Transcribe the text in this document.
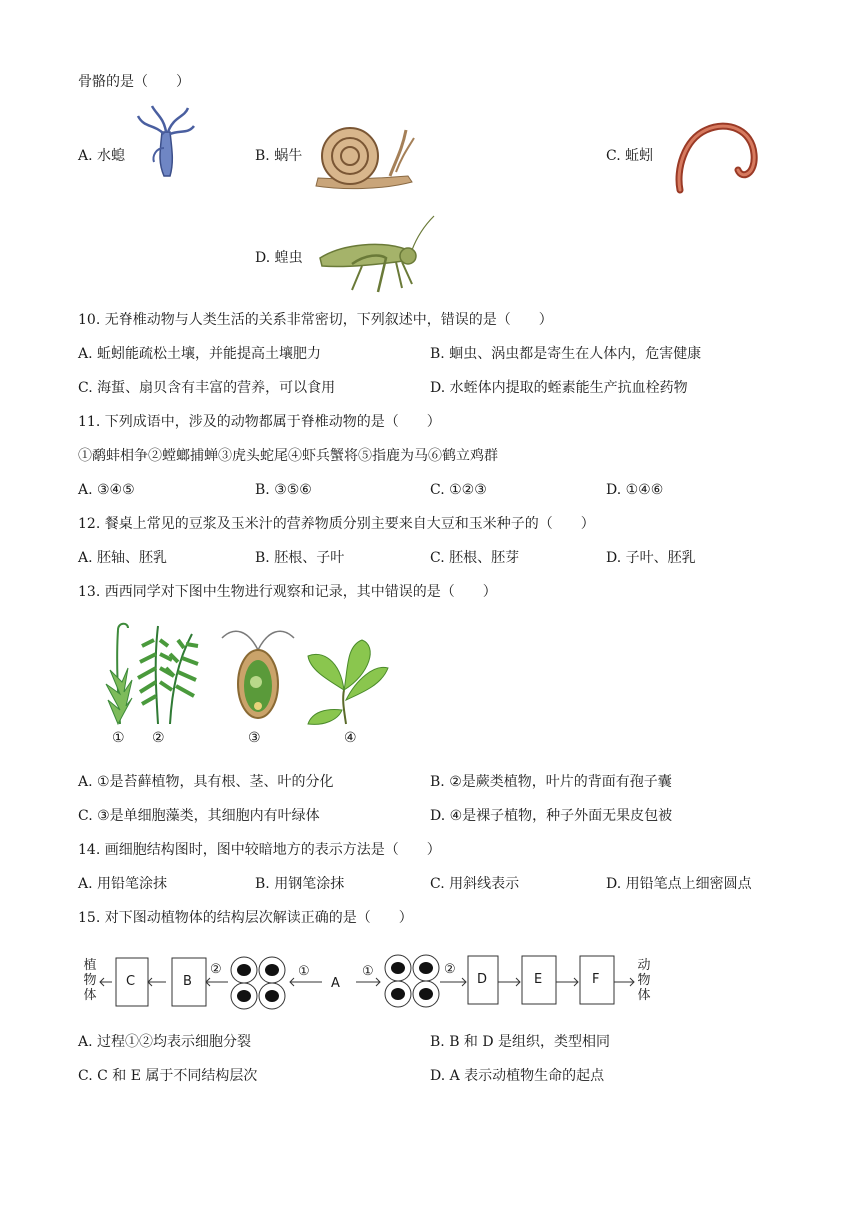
骨骼的是（　　）
A. 水螅	B. 蜗牛	C. 蚯蚓
D. 蝗虫
10. 无脊椎动物与人类生活的关系非常密切，下列叙述中，错误的是（　　）
A. 蚯蚓能疏松土壤，并能提高土壤肥力	B. 蛔虫、涡虫都是寄生在人体内，危害健康
C. 海蜇、扇贝含有丰富的营养，可以食用	D. 水蛭体内提取的蛭素能生产抗血栓药物
11. 下列成语中，涉及的动物都属于脊椎动物的是（　　）
①鹬蚌相争②螳螂捕蝉③虎头蛇尾④虾兵蟹将⑤指鹿为马⑥鹤立鸡群
A. ③④⑤	B. ③⑤⑥	C. ①②③	D. ①④⑥
12. 餐桌上常见的豆浆及玉米汁的营养物质分别主要来自大豆和玉米种子的（　　）
A. 胚轴、胚乳	B. 胚根、子叶	C. 胚根、胚芽	D. 子叶、胚乳
13. 西西同学对下图中生物进行观察和记录，其中错误的是（　　）
① ②	③	④
A. ①是苔藓植物，具有根、茎、叶的分化	B. ②是蕨类植物，叶片的背面有孢子囊
C. ③是单细胞藻类，其细胞内有叶绿体	D. ④是裸子植物，种子外面无果皮包被
14. 画细胞结构图时，图中较暗地方的表示方法是（　　）
A. 用铅笔涂抹	B. 用钢笔涂抹	C. 用斜线表示	D. 用铅笔点上细密圆点
15. 对下图动植物体的结构层次解读正确的是（　　）
植物体
C	B
②	①
A
①	②
D	E	F
动物体
A. 过程①②均表示细胞分裂	B. B 和 D 是组织，类型相同
C. C 和 E 属于不同结构层次	D. A 表示动植物生命的起点
